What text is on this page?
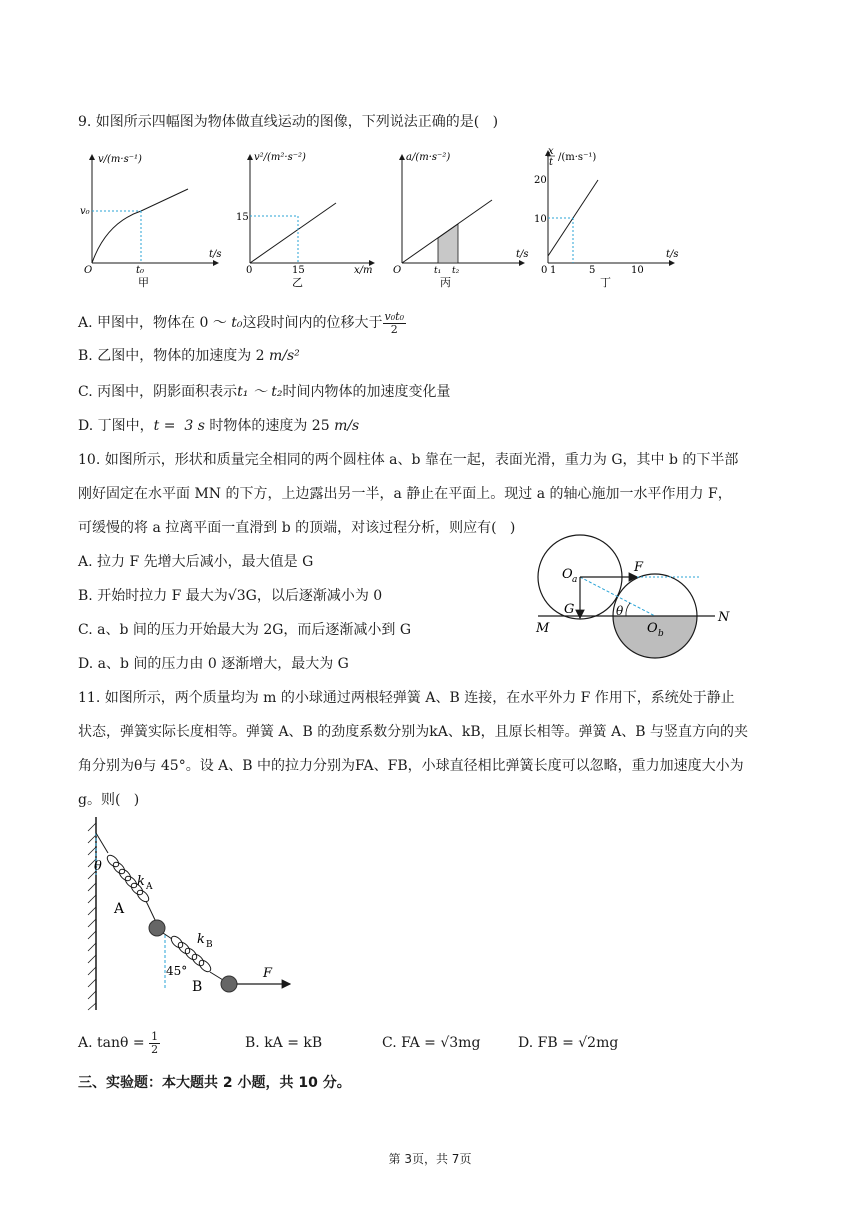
9. 如图所示四幅图为物体做直线运动的图像，下列说法正确的是(   )
v/(m·s⁻¹)
v₀
O	t₀
t/s
甲
v²/(m²·s⁻²)
15
0	15	x/m
乙
a/(m·s⁻²)
O	t₁ t₂
t/s
丙
x
t /(m·s⁻¹)
20
10
0 1	5	10
t/s
丁
A. 甲图中，物体在 0 ～ t₀这段时间内的位移大于 $\frac{\text{v₀t₀}}{2}$
B. 乙图中，物体的加速度为 2 m/s²
C. 丙图中，阴影面积表示t₁ ～ t₂时间内物体的加速度变化量
D. 丁图中，t =  3 s 时物体的速度为 25 m/s
10. 如图所示，形状和质量完全相同的两个圆柱体 a、b 靠在一起，表面光滑，重力为 G，其中 b 的下半部
刚好固定在水平面 MN 的下方，上边露出另一半，a 静止在平面上。现过 a 的轴心施加一水平作用力 F，
可缓慢的将 a 拉离平面一直滑到 b 的顶端，对该过程分析，则应有(   )
A. 拉力 F 先增大后减小，最大值是 G
B. 开始时拉力 F 最大为√3G，以后逐渐减小为 0
C. a、b 间的压力开始最大为 2G，而后逐渐减小到 G
D. a、b 间的压力由 0 逐渐增大，最大为 G
O a
F
G	θ
O b
M
N
11. 如图所示，两个质量均为 m 的小球通过两根轻弹簧 A、B 连接，在水平外力 F 作用下，系统处于静止
状态，弹簧实际长度相等。弹簧 A、B 的劲度系数分别为kA、kB，且原长相等。弹簧 A、B 与竖直方向的夹
角分别为θ与 45°。设 A、B 中的拉力分别为FA、FB，小球直径相比弹簧长度可以忽略，重力加速度大小为
g。则(   )
θ
k A
A
k B
45°
B
F
A. $\tan\theta = \frac{1}{2}$	B. kA = kB	C. FA = √3mg	D. FB = √2mg
三、实验题：本大题共 2 小题，共 10 分。
第 3页，共 7页
